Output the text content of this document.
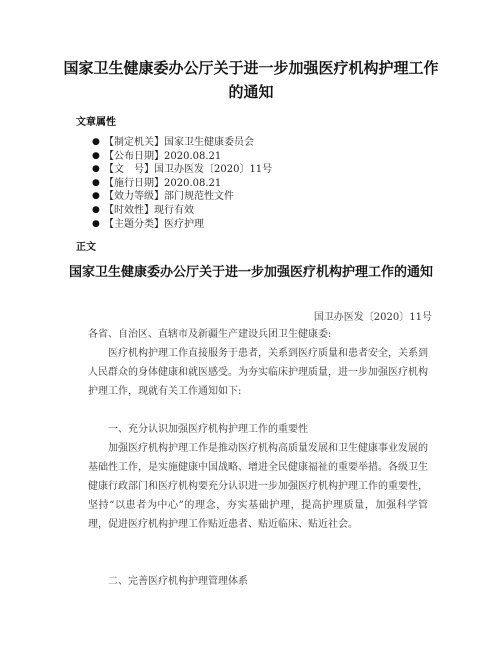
国家卫生健康委办公厅关于进一步加强医疗机构护理工作的通知
文章属性
● 【制定机关】国家卫生健康委员会
● 【公布日期】2020.08.21
● 【文　号】国卫办医发〔2020〕11号
● 【施行日期】2020.08.21
● 【效力等级】部门规范性文件
● 【时效性】现行有效
● 【主题分类】医疗护理
正文
国家卫生健康委办公厅关于进一步加强医疗机构护理工作的通知
国卫办医发〔2020〕11号

各省、自治区、直辖市及新疆生产建设兵团卫生健康委:

医疗机构护理工作直接服务于患者，关系到医疗质量和患者安全，关系到人民群众的身体健康和就医感受。为夯实临床护理质量，进一步加强医疗机构护理工作，现就有关工作通知如下:

一、充分认识加强医疗机构护理工作的重要性

加强医疗机构护理工作是推动医疗机构高质量发展和卫生健康事业发展的基础性工作，是实施健康中国战略、增进全民健康福祉的重要举措。各级卫生健康行政部门和医疗机构要充分认识进一步加强医疗机构护理工作的重要性，坚持“以患者为中心”的理念，夯实基础护理，提高护理质量，加强科学管理，促进医疗机构护理工作贴近患者、贴近临床、贴近社会。

二、完善医疗机构护理管理体系
